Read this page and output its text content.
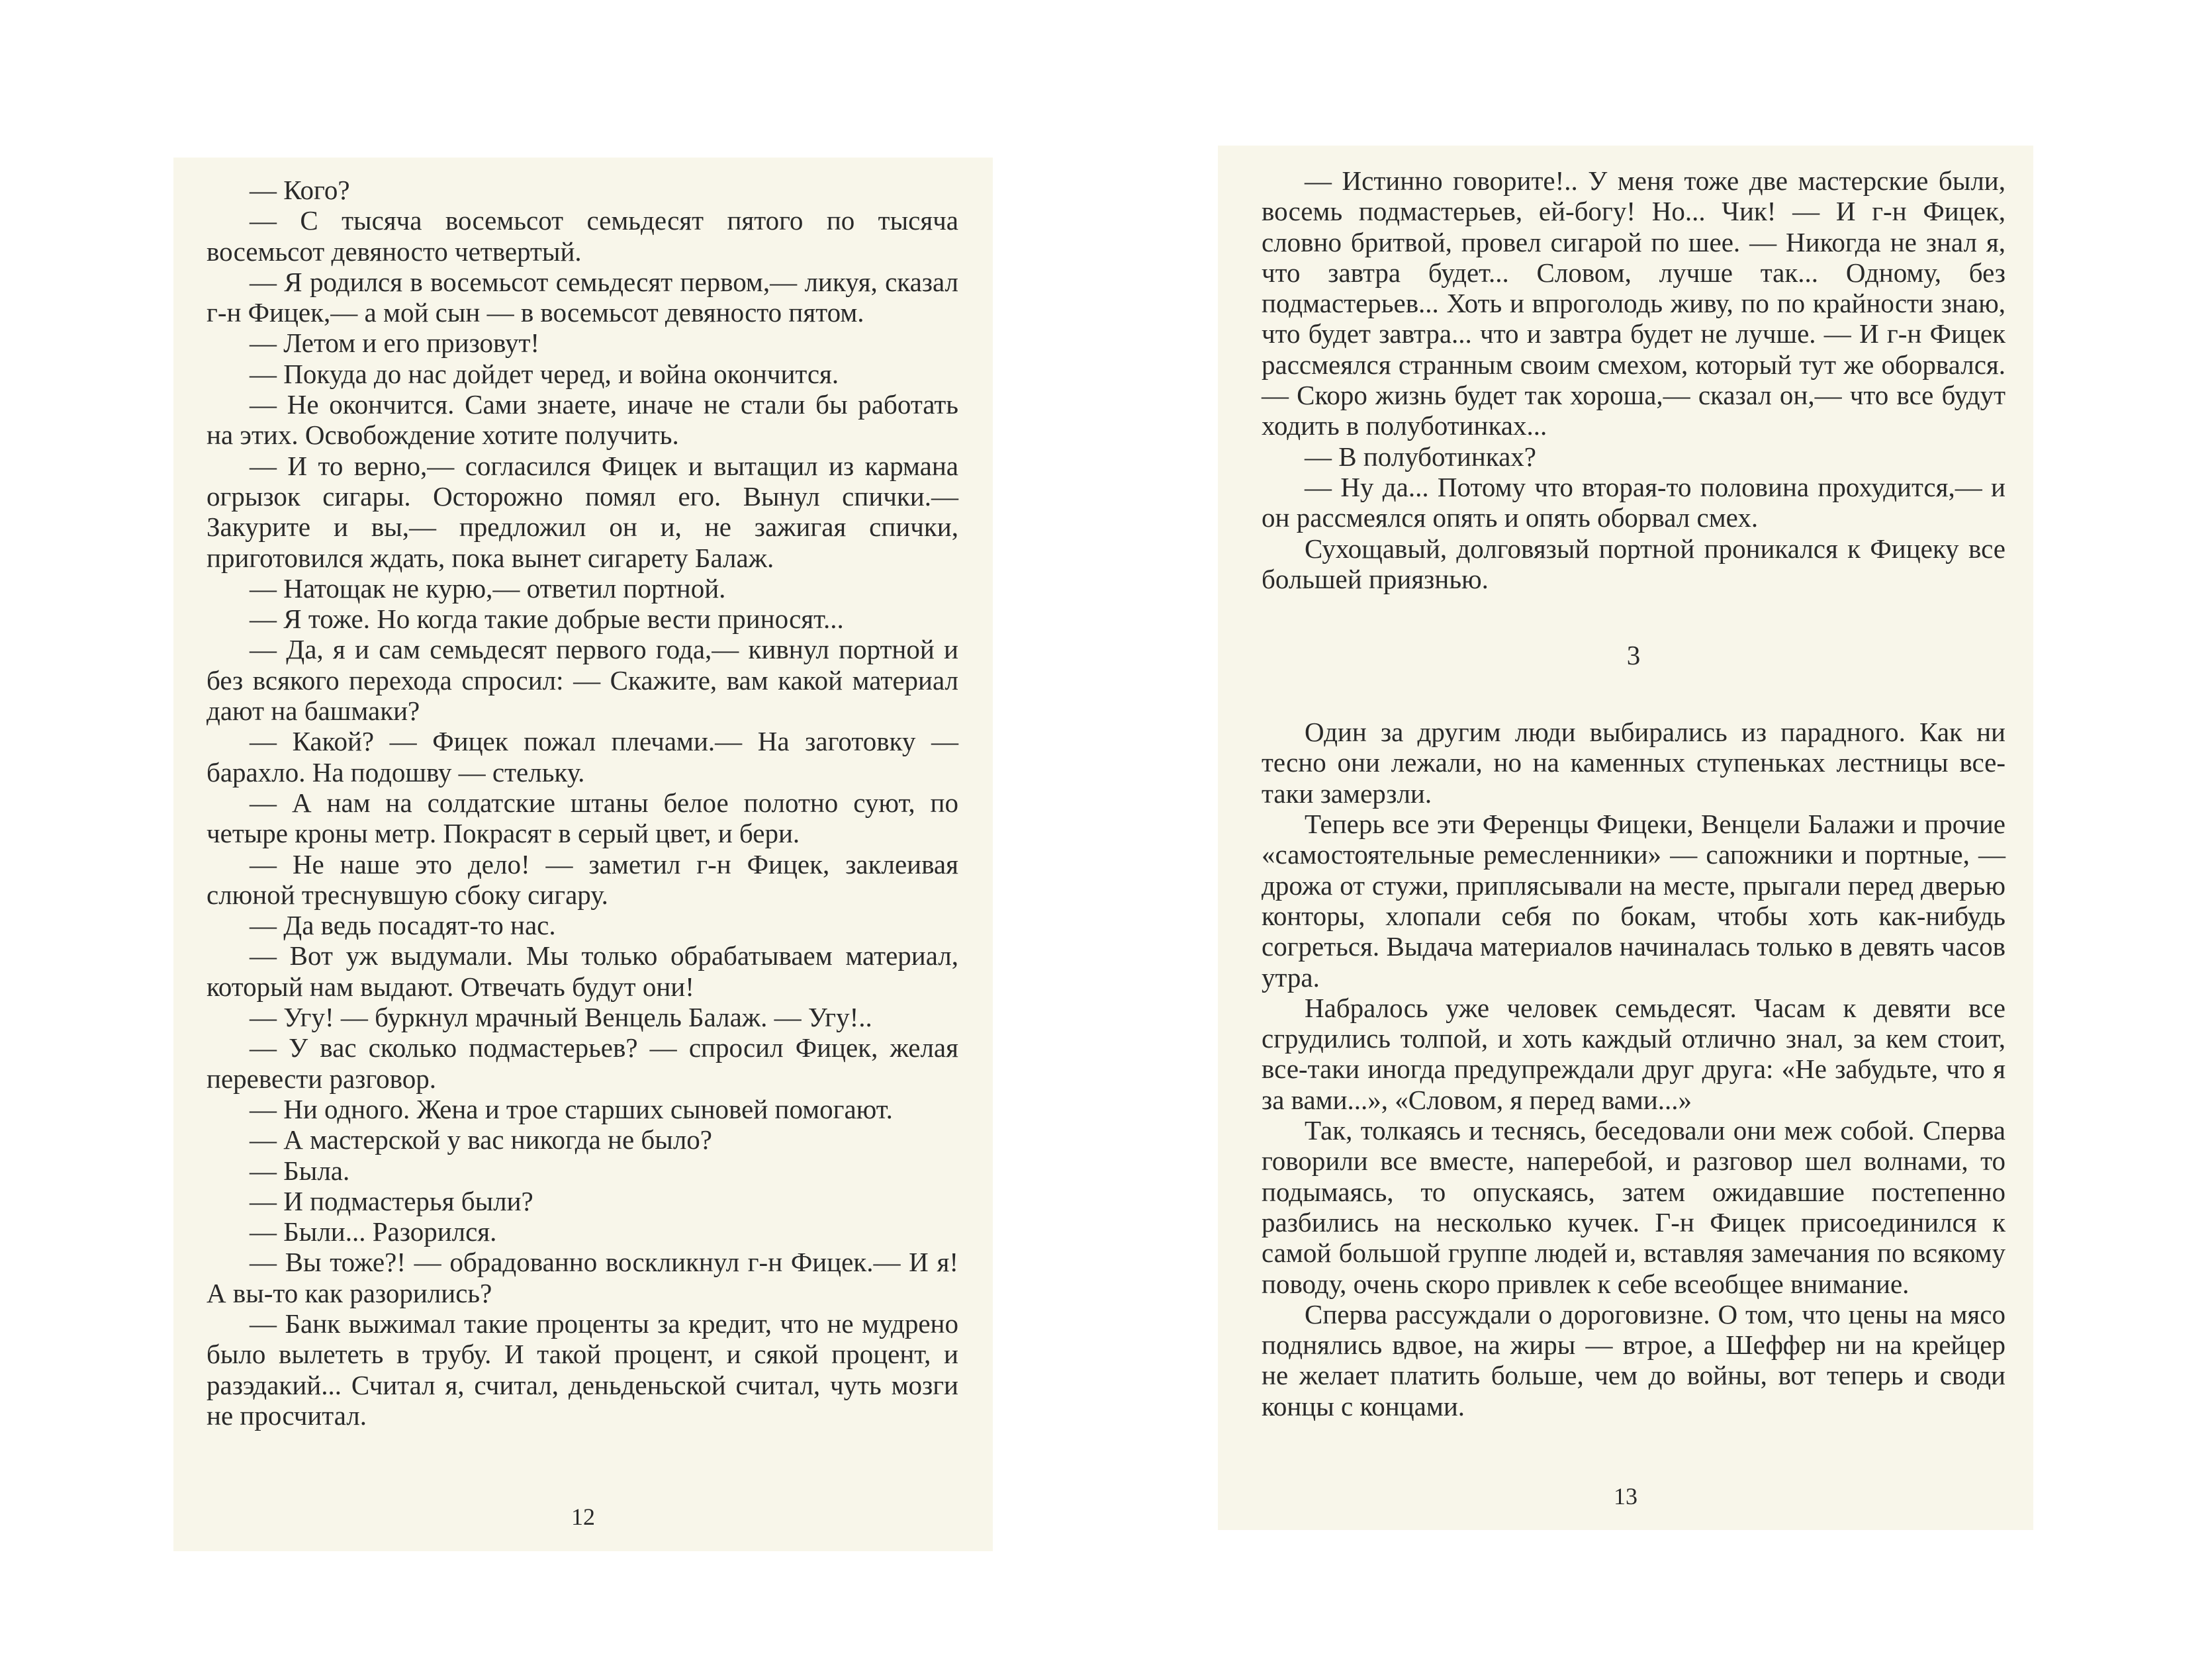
— Кого?

— С тысяча восемьсот семьдесят пятого по тысяча восемьсот девяносто четвертый.

— Я родился в восемьсот семьдесят первом,— ликуя, сказал г-н Фицек,— а мой сын — в восемьсот девяносто пятом.

— Летом и его призовут!

— Покуда до нас дойдет черед, и война окончится.

— Не окончится. Сами знаете, иначе не стали бы работать на этих. Освобождение хотите получить.

— И то верно,— согласился Фицек и вытащил из кармана огрызок сигары. Осторожно помял его. Вынул спички.— Закурите и вы,— предложил он и, не зажигая спички, приготовился ждать, пока вынет сигарету Балаж.

— Натощак не курю,— ответил портной.

— Я тоже. Но когда такие добрые вести приносят...

— Да, я и сам семьдесят первого года,— кивнул портной и без всякого перехода спросил: — Скажите, вам какой материал дают на башмаки?

— Какой? — Фицек пожал плечами.— На заготовку — барахло. На подошву — стельку.

— А нам на солдатские штаны белое полотно суют, по четыре кроны метр. Покрасят в серый цвет, и бери.

— Не наше это дело! — заметил г-н Фицек, заклеивая слюной треснувшую сбоку сигару.

— Да ведь посадят-то нас.

— Вот уж выдумали. Мы только обрабатываем материал, который нам выдают. Отвечать будут они!

— Угу! — буркнул мрачный Венцель Балаж. — Угу!..

— У вас сколько подмастерьев? — спросил Фицек, желая перевести разговор.

— Ни одного. Жена и трое старших сыновей помогают.

— А мастерской у вас никогда не было?

— Была.

— И подмастерья были?

— Были... Разорился.

— Вы тоже?! — обрадованно воскликнул г-н Фицек.— И я! А вы-то как разорились?

— Банк выжимал такие проценты за кредит, что не мудрено было вылететь в трубу. И такой процент, и сякой процент, и разэдакий... Считал я, считал, деньденьской считал, чуть мозги не просчитал.

12

— Истинно говорите!.. У меня тоже две мастерские были, восемь подмастерьев, ей-богу! Но... Чик! — И г-н Фицек, словно бритвой, провел сигарой по шее. — Никогда не знал я, что завтра будет... Словом, лучше так... Одному, без подмастерьев... Хоть и впроголодь живу, по по крайности знаю, что будет завтра... что и завтра будет не лучше. — И г-н Фицек рассмеялся странным своим смехом, который тут же оборвался.— Скоро жизнь будет так хороша,— сказал он,— что все будут ходить в полуботинках...

— В полуботинках?

— Ну да... Потому что вторая-то половина прохудится,— и он рассмеялся опять и опять оборвал смех.

Сухощавый, долговязый портной проникался к Фицеку все большей приязнью.

3

Один за другим люди выбирались из парадного. Как ни тесно они лежали, но на каменных ступеньках лестницы все-таки замерзли.

Теперь все эти Ференцы Фицеки, Венцели Балажи и прочие «самостоятельные ремесленники» — сапожники и портные, — дрожа от стужи, приплясывали на месте, прыгали перед дверью конторы, хлопали себя по бокам, чтобы хоть как-нибудь согреться. Выдача материалов начиналась только в девять часов утра.

Набралось уже человек семьдесят. Часам к девяти все сгрудились толпой, и хоть каждый отлично знал, за кем стоит, все-таки иногда предупреждали друг друга: «Не забудьте, что я за вами...», «Словом, я перед вами...»

Так, толкаясь и теснясь, беседовали они меж собой. Сперва говорили все вместе, наперебой, и разговор шел волнами, то подымаясь, то опускаясь, затем ожидавшие постепенно разбились на несколько кучек. Г-н Фицек присоединился к самой большой группе людей и, вставляя замечания по всякому поводу, очень скоро привлек к себе всеобщее внимание.

Сперва рассуждали о дороговизне. О том, что цены на мясо поднялись вдвое, на жиры — втрое, а Шеффер ни на крейцер не желает платить больше, чем до войны, вот теперь и своди концы с концами.

13
